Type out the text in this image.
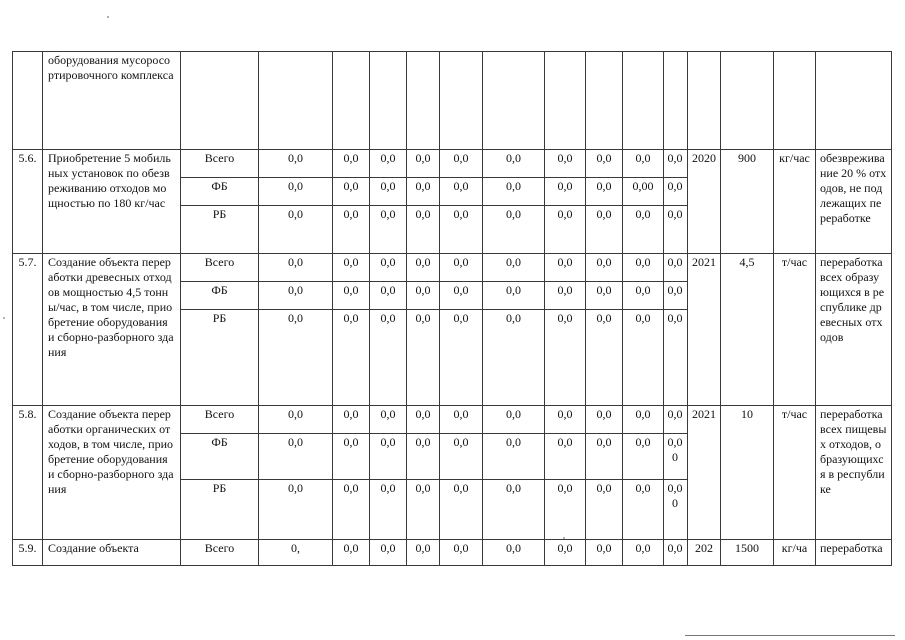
	оборудования мусоросортировочного комплекса															
5.6.	Приобретение 5 мобильных установок по обезвреживанию отходов мощностью по 180 кг/час	Всего	0,0	0,0	0,0	0,0	0,0	0,0	0,0	0,0	0,0	0,0	2020	900	кг/час	обезвреживание 20 % отходов, не подлежащих переработке
		ФБ	0,0	0,0	0,0	0,0	0,0	0,0	0,0	0,0	0,00	0,0				
		РБ	0,0	0,0	0,0	0,0	0,0	0,0	0,0	0,0	0,0	0,0				
5.7.	Создание объекта переработки древесных отходов мощностью 4,5 тонны/час, в том числе, приобретение оборудования и сборно-разборного здания	Всего	0,0	0,0	0,0	0,0	0,0	0,0	0,0	0,0	0,0	0,0	2021	4,5	т/час	переработка всех образующихся в республике древесных отходов
		ФБ	0,0	0,0	0,0	0,0	0,0	0,0	0,0	0,0	0,0	0,0				
		РБ	0,0	0,0	0,0	0,0	0,0	0,0	0,0	0,0	0,0	0,0				
5.8.	Создание объекта переработки органических отходов, в том числе, приобретение оборудования и сборно-разборного здания	Всего	0,0	0,0	0,0	0,0	0,0	0,0	0,0	0,0	0,0	0,0	2021	10	т/час	переработка всех пищевых отходов, образующихся в республике
		ФБ	0,0	0,0	0,0	0,0	0,0	0,0	0,0	0,0	0,0	0,00				
		РБ	0,0	0,0	0,0	0,0	0,0	0,0	0,0	0,0	0,0	0,00				
5.9.	Создание объекта	Всего	0,	0,0	0,0	0,0	0,0	0,0	0,0	0,0	0,0	0,0	202	1500	кг/ча	переработка
